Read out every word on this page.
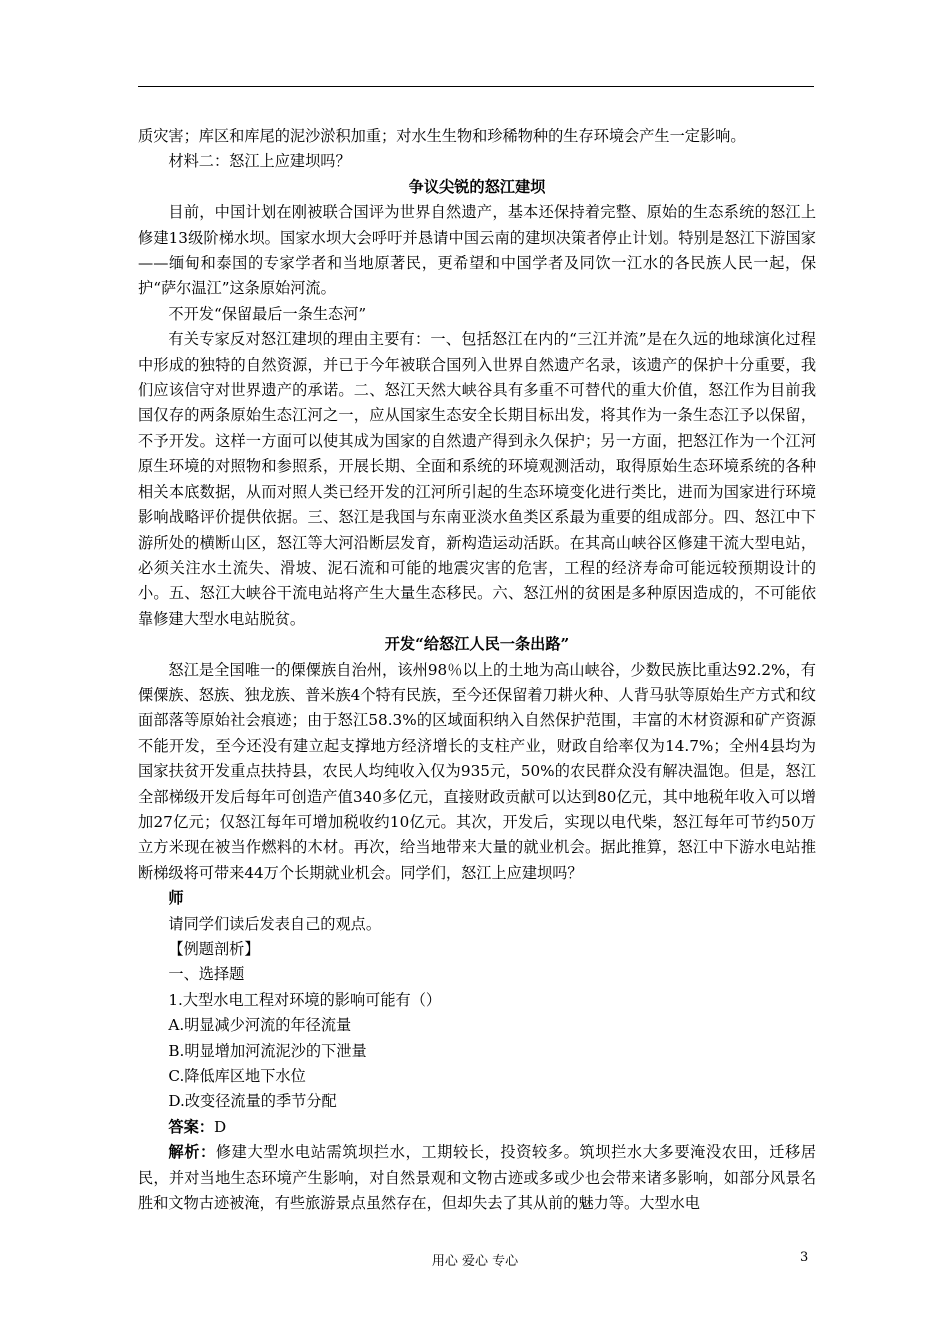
质灾害；库区和库尾的泥沙淤积加重；对水生生物和珍稀物种的生存环境会产生一定影响。

材料二：怒江上应建坝吗？

争议尖锐的怒江建坝

目前，中国计划在刚被联合国评为世界自然遗产，基本还保持着完整、原始的生态系统的怒江上修建13级阶梯水坝。国家水坝大会呼吁并恳请中国云南的建坝决策者停止计划。特别是怒江下游国家——缅甸和泰国的专家学者和当地原著民，更希望和中国学者及同饮一江水的各民族人民一起，保护“萨尔温江”这条原始河流。

不开发“保留最后一条生态河”

有关专家反对怒江建坝的理由主要有：一、包括怒江在内的“三江并流”是在久远的地球演化过程中形成的独特的自然资源，并已于今年被联合国列入世界自然遗产名录，该遗产的保护十分重要，我们应该信守对世界遗产的承诺。二、怒江天然大峡谷具有多重不可替代的重大价值，怒江作为目前我国仅存的两条原始生态江河之一，应从国家生态安全长期目标出发，将其作为一条生态江予以保留，不予开发。这样一方面可以使其成为国家的自然遗产得到永久保护；另一方面，把怒江作为一个江河原生环境的对照物和参照系，开展长期、全面和系统的环境观测活动，取得原始生态环境系统的各种相关本底数据，从而对照人类已经开发的江河所引起的生态环境变化进行类比，进而为国家进行环境影响战略评价提供依据。三、怒江是我国与东南亚淡水鱼类区系最为重要的组成部分。四、怒江中下游所处的横断山区，怒江等大河沿断层发育，新构造运动活跃。在其高山峡谷区修建干流大型电站，必须关注水土流失、滑坡、泥石流和可能的地震灾害的危害，工程的经济寿命可能远较预期设计的小。五、怒江大峡谷干流电站将产生大量生态移民。六、怒江州的贫困是多种原因造成的，不可能依靠修建大型水电站脱贫。

开发“给怒江人民一条出路”

怒江是全国唯一的傈僳族自治州，该州98％以上的土地为高山峡谷，少数民族比重达92.2%，有傈僳族、怒族、独龙族、普米族4个特有民族，至今还保留着刀耕火种、人背马驮等原始生产方式和纹面部落等原始社会痕迹；由于怒江58.3%的区域面积纳入自然保护范围，丰富的木材资源和矿产资源不能开发，至今还没有建立起支撑地方经济增长的支柱产业，财政自给率仅为14.7%；全州4县均为国家扶贫开发重点扶持县，农民人均纯收入仅为935元，50%的农民群众没有解决温饱。但是，怒江全部梯级开发后每年可创造产值340多亿元，直接财政贡献可以达到80亿元，其中地税年收入可以增加27亿元；仅怒江每年可增加税收约10亿元。其次，开发后，实现以电代柴，怒江每年可节约50万立方米现在被当作燃料的木材。再次，给当地带来大量的就业机会。据此推算，怒江中下游水电站推断梯级将可带来44万个长期就业机会。同学们，怒江上应建坝吗？

师

请同学们读后发表自己的观点。

【例题剖析】

一、选择题

1.大型水电工程对环境的影响可能有（）

A.明显减少河流的年径流量

B.明显增加河流泥沙的下泄量

C.降低库区地下水位

D.改变径流量的季节分配

答案：D

解析：修建大型水电站需筑坝拦水，工期较长，投资较多。筑坝拦水大多要淹没农田，迁移居民，并对当地生态环境产生影响，对自然景观和文物古迹或多或少也会带来诸多影响，如部分风景名胜和文物古迹被淹，有些旅游景点虽然存在，但却失去了其从前的魅力等。大型水电

用心 爱心 专心	3
